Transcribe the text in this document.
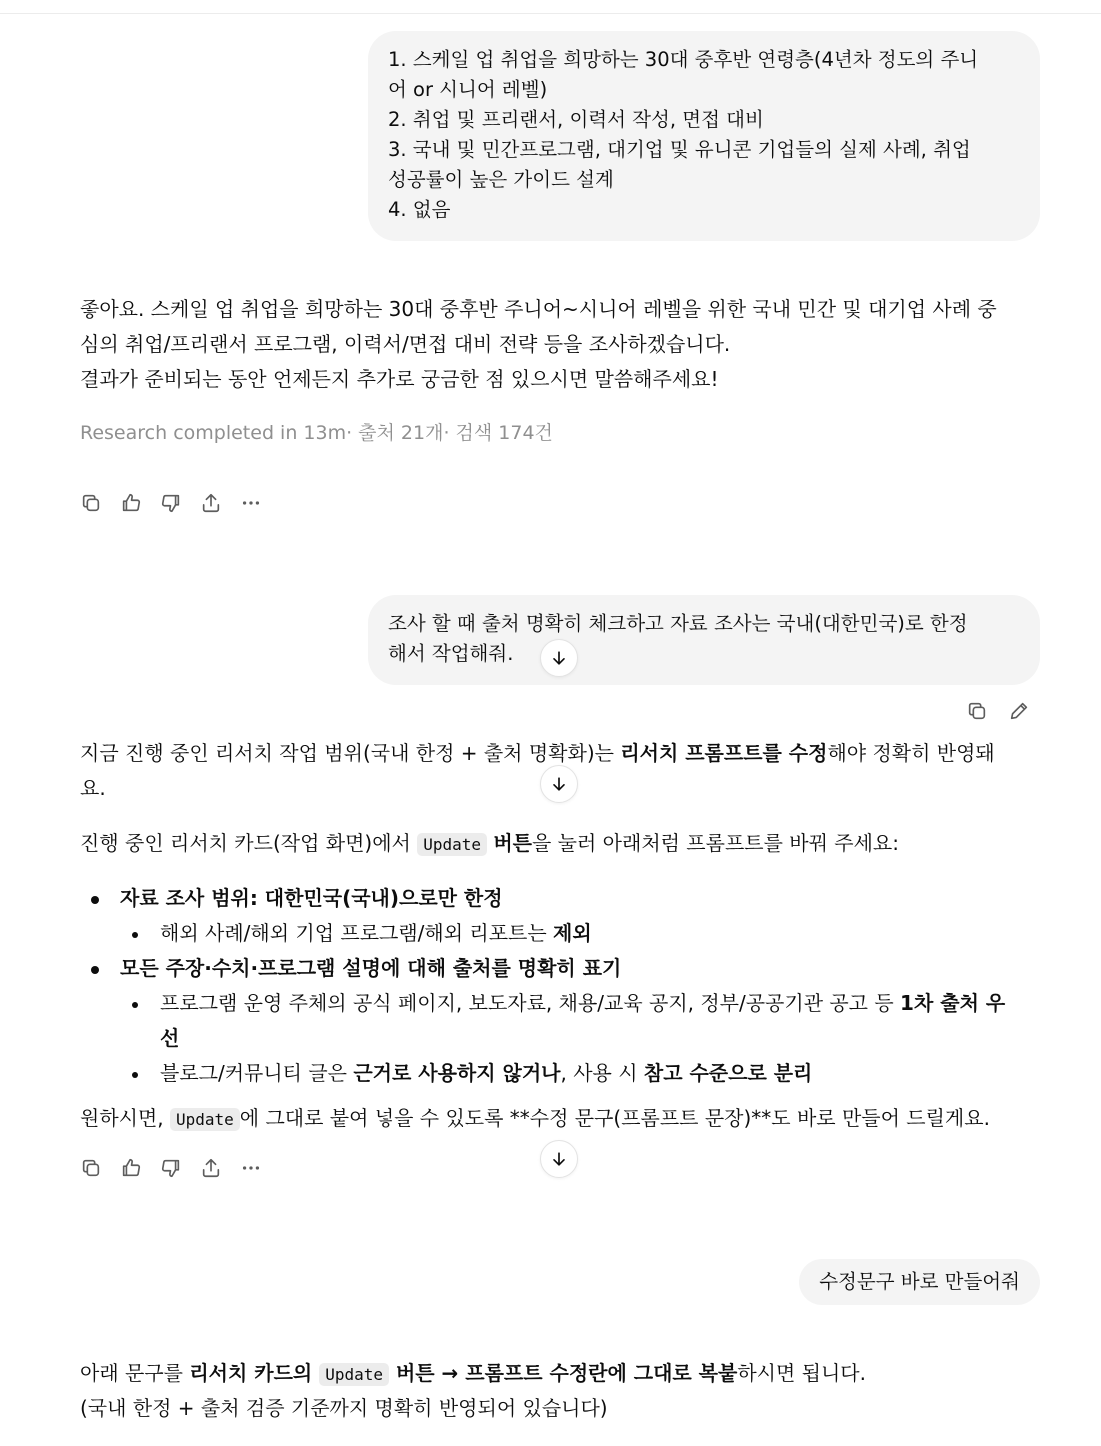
1. 스케일 업 취업을 희망하는 30대 중후반 연령층(4년차 정도의 주니
어 or 시니어 레벨)
2. 취업 및 프리랜서, 이력서 작성, 면접 대비
3. 국내 및 민간프로그램, 대기업 및 유니콘 기업들의 실제 사례, 취업
성공률이 높은 가이드 설계
4. 없음
좋아요. 스케일 업 취업을 희망하는 30대 중후반 주니어~시니어 레벨을 위한 국내 민간 및 대기업 사례 중
심의 취업/프리랜서 프로그램, 이력서/면접 대비 전략 등을 조사하겠습니다.
결과가 준비되는 동안 언제든지 추가로 궁금한 점 있으시면 말씀해주세요!
Research completed in 13m· 출처 21개· 검색 174건
조사 할 때 출처 명확히 체크하고 자료 조사는 국내(대한민국)로 한정
해서 작업해줘.
지금 진행 중인 리서치 작업 범위(국내 한정 + 출처 명확화)는 리서치 프롬프트를 수정해야 정확히 반영돼
요.
진행 중인 리서치 카드(작업 화면)에서 Update 버튼을 눌러 아래처럼 프롬프트를 바꿔 주세요:
자료 조사 범위: 대한민국(국내)으로만 한정
해외 사례/해외 기업 프로그램/해외 리포트는 제외
모든 주장·수치·프로그램 설명에 대해 출처를 명확히 표기
프로그램 운영 주체의 공식 페이지, 보도자료, 채용/교육 공지, 정부/공공기관 공고 등 1차 출처 우
선
블로그/커뮤니티 글은 근거로 사용하지 않거나, 사용 시 참고 수준으로 분리
원하시면, Update 에 그대로 붙여 넣을 수 있도록 **수정 문구(프롬프트 문장)**도 바로 만들어 드릴게요.
수정문구 바로 만들어줘
아래 문구를 리서치 카드의 Update 버튼 → 프롬프트 수정란에 그대로 복붙하시면 됩니다.
(국내 한정 + 출처 검증 기준까지 명확히 반영되어 있습니다)
